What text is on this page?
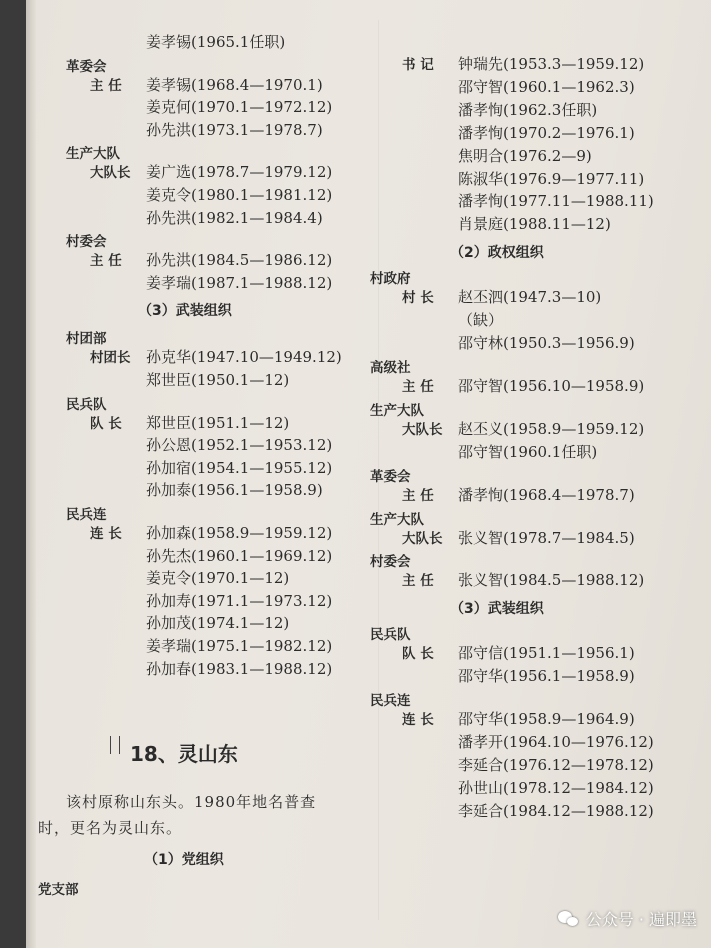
姜孝锡(1965.1任职)
革委会
主 任 姜孝锡(1968.4—1970.1)
姜克何(1970.1—1972.12)
孙先洪(1973.1—1978.7)
生产大队
大队长 姜广选(1978.7—1979.12)
姜克令(1980.1—1981.12)
孙先洪(1982.1—1984.4)
村委会
主 任 孙先洪(1984.5—1986.12)
姜孝瑞(1987.1—1988.12)
（3）武装组织
村团部
村团长 孙克华(1947.10—1949.12)
郑世臣(1950.1—12)
民兵队
队 长 郑世臣(1951.1—12)
孙公恩(1952.1—1953.12)
孙加宿(1954.1—1955.12)
孙加泰(1956.1—1958.9)
民兵连
连 长 孙加森(1958.9—1959.12)
孙先杰(1960.1—1969.12)
姜克令(1970.1—12)
孙加寿(1971.1—1973.12)
孙加茂(1974.1—12)
姜孝瑞(1975.1—1982.12)
孙加春(1983.1—1988.12)
书 记 钟瑞先(1953.3—1959.12)
邵守智(1960.1—1962.3)
潘孝恂(1962.3任职)
潘孝恂(1970.2—1976.1)
焦明合(1976.2—9)
陈淑华(1976.9—1977.11)
潘孝恂(1977.11—1988.11)
肖景庭(1988.11—12)
（2）政权组织
村政府
村 长 赵丕泗(1947.3—10)
（缺）
邵守林(1950.3—1956.9)
高级社
主 任 邵守智(1956.10—1958.9)
生产大队
大队长 赵丕义(1958.9—1959.12)
邵守智(1960.1任职)
革委会
主 任 潘孝恂(1968.4—1978.7)
生产大队
大队长 张义智(1978.7—1984.5)
村委会
主 任 张义智(1984.5—1988.12)
（3）武装组织
民兵队
队 长 邵守信(1951.1—1956.1)
邵守华(1956.1—1958.9)
民兵连
连 长 邵守华(1958.9—1964.9)
潘孝开(1964.10—1976.12)
李延合(1976.12—1978.12)
孙世山(1978.12—1984.12)
李延合(1984.12—1988.12)
18、灵山东
该村原称山东头。1980年地名普查
时，更名为灵山东。
（1）党组织
党支部
公众号 · 遍即墨
